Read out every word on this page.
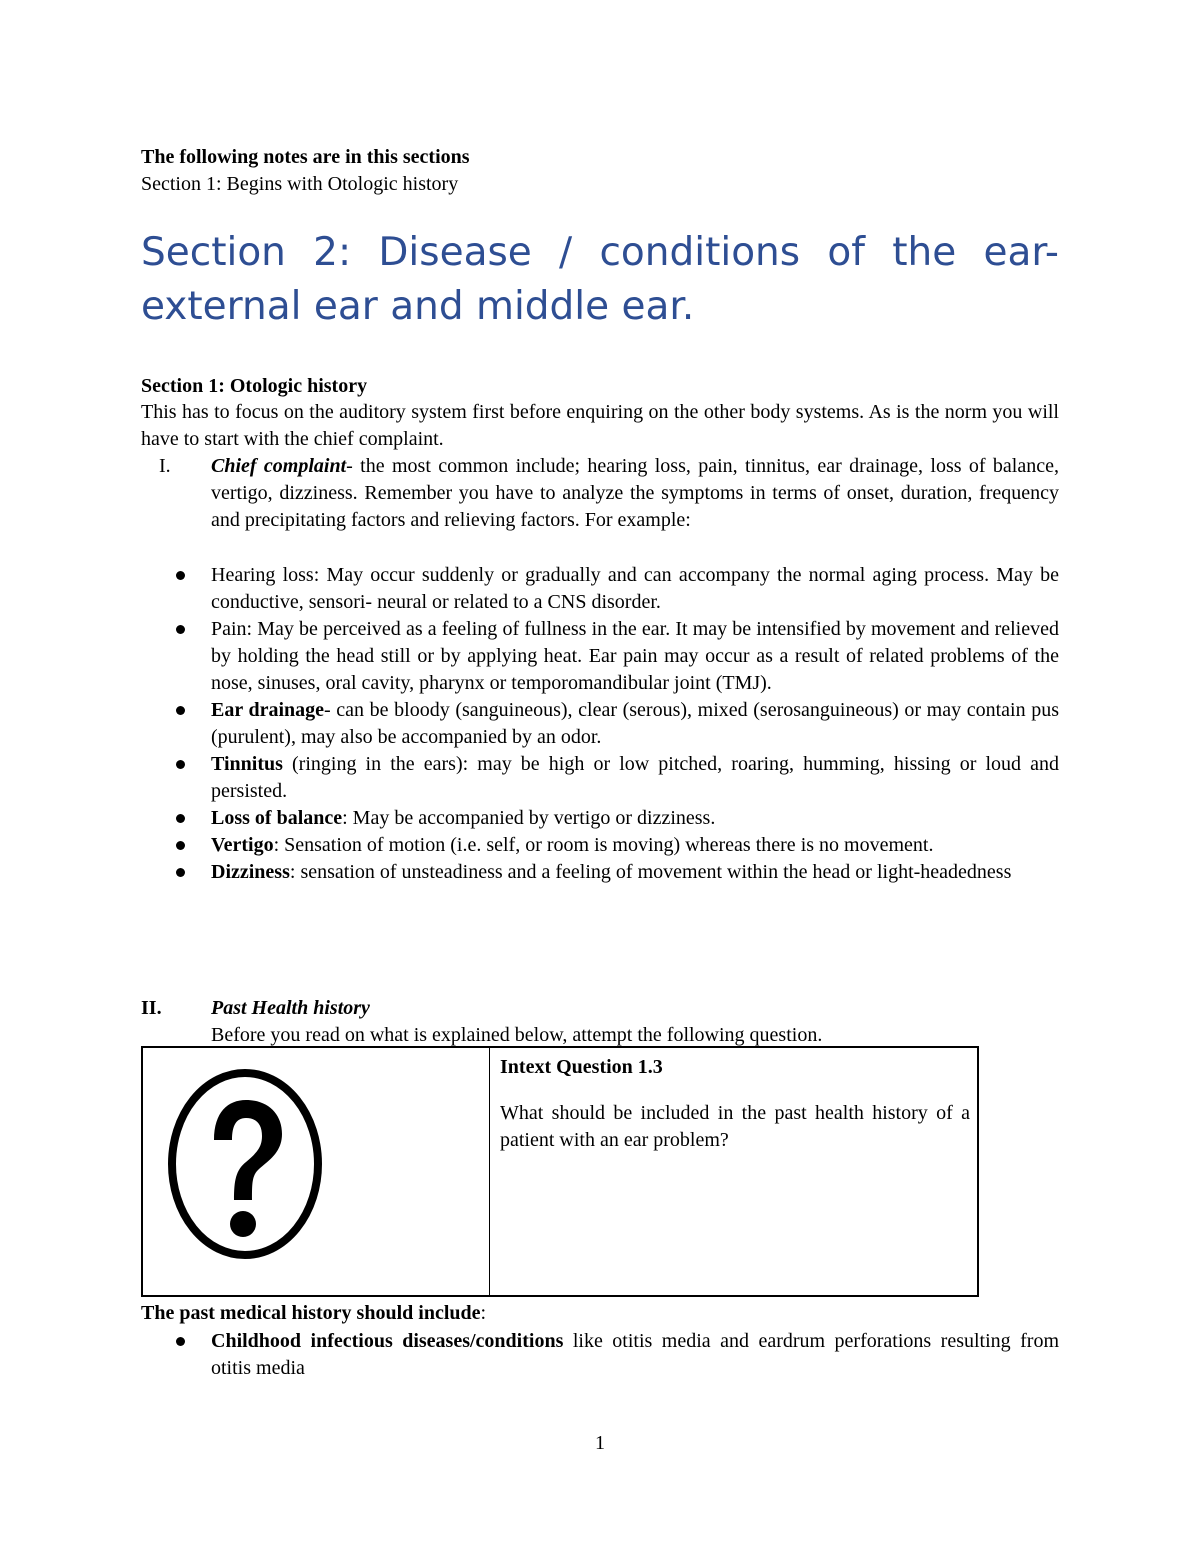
The following notes are in this sections
Section 1: Begins with Otologic history
Section 2: Disease / conditions of the ear- external ear and middle ear.
Section 1: Otologic history
This has to focus on the auditory system first before enquiring on the other body systems. As is the norm you will have to start with the chief complaint.
I.	Chief complaint- the most common include; hearing loss, pain, tinnitus, ear drainage, loss of balance, vertigo, dizziness. Remember you have to analyze the symptoms in terms of onset, duration, frequency and precipitating factors and relieving factors. For example:
Hearing loss: May occur suddenly or gradually and can accompany the normal aging process. May be conductive, sensori- neural or related to a CNS disorder.
Pain: May be perceived as a feeling of fullness in the ear. It may be intensified by movement and relieved by holding the head still or by applying heat. Ear pain may occur as a result of related problems of the nose, sinuses, oral cavity, pharynx or temporomandibular joint (TMJ).
Ear drainage- can be bloody (sanguineous), clear (serous), mixed (serosanguineous) or may contain pus (purulent), may also be accompanied by an odor.
Tinnitus (ringing in the ears): may be high or low pitched, roaring, humming, hissing or loud and persisted.
Loss of balance: May be accompanied by vertigo or dizziness.
Vertigo: Sensation of motion (i.e. self, or room is moving) whereas there is no movement.
Dizziness: sensation of unsteadiness and a feeling of movement within the head or light-headedness
II.	Past Health history
Before you read on what is explained below, attempt the following question.
Intext Question 1.3
What should be included in the past health history of a patient with an ear problem?
The past medical history should include:
Childhood infectious diseases/conditions like otitis media and eardrum perforations resulting from otitis media
1
